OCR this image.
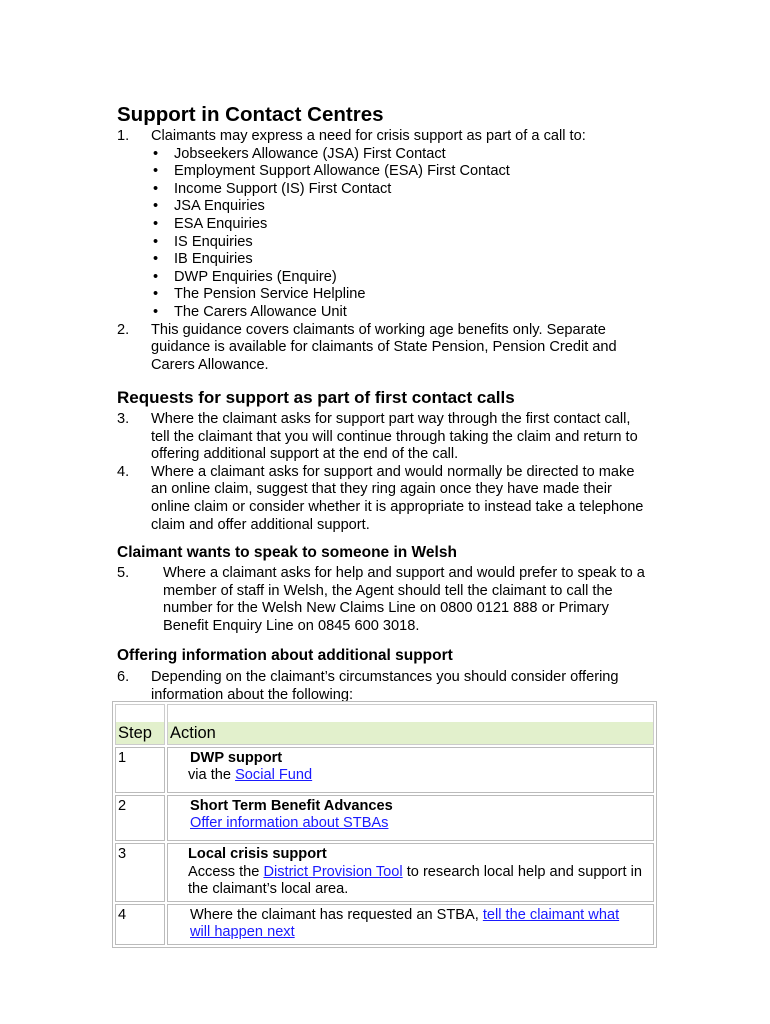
Support in Contact Centres
1. Claimants may express a need for crisis support as part of a call to:
• Jobseekers Allowance (JSA) First Contact
• Employment Support Allowance (ESA) First Contact
• Income Support (IS) First Contact
• JSA Enquiries
• ESA Enquiries
• IS Enquiries
• IB Enquiries
• DWP Enquiries (Enquire)
• The Pension Service Helpline
• The Carers Allowance Unit
2. This guidance covers claimants of working age benefits only. Separate guidance is available for claimants of State Pension, Pension Credit and Carers Allowance.
Requests for support as part of first contact calls
3. Where the claimant asks for support part way through the first contact call, tell the claimant that you will continue through taking the claim and return to offering additional support at the end of the call.
4. Where a claimant asks for support and would normally be directed to make an online claim, suggest that they ring again once they have made their online claim or consider whether it is appropriate to instead take a telephone claim and offer additional support.
Claimant wants to speak to someone in Welsh
5. Where a claimant asks for help and support and would prefer to speak to a member of staff in Welsh, the Agent should tell the claimant to call the number for the Welsh New Claims Line on 0800 0121 888 or Primary Benefit Enquiry Line on 0845 600 3018.
Offering information about additional support
6. Depending on the claimant’s circumstances you should consider offering information about the following:
Step	Action
1	DWP support
via the Social Fund

2	Short Term Benefit Advances
Offer information about STBAs

3	Local crisis support
Access the District Provision Tool to research local help and support in the claimant’s local area.

4	Where the claimant has requested an STBA, tell the claimant what will happen next
